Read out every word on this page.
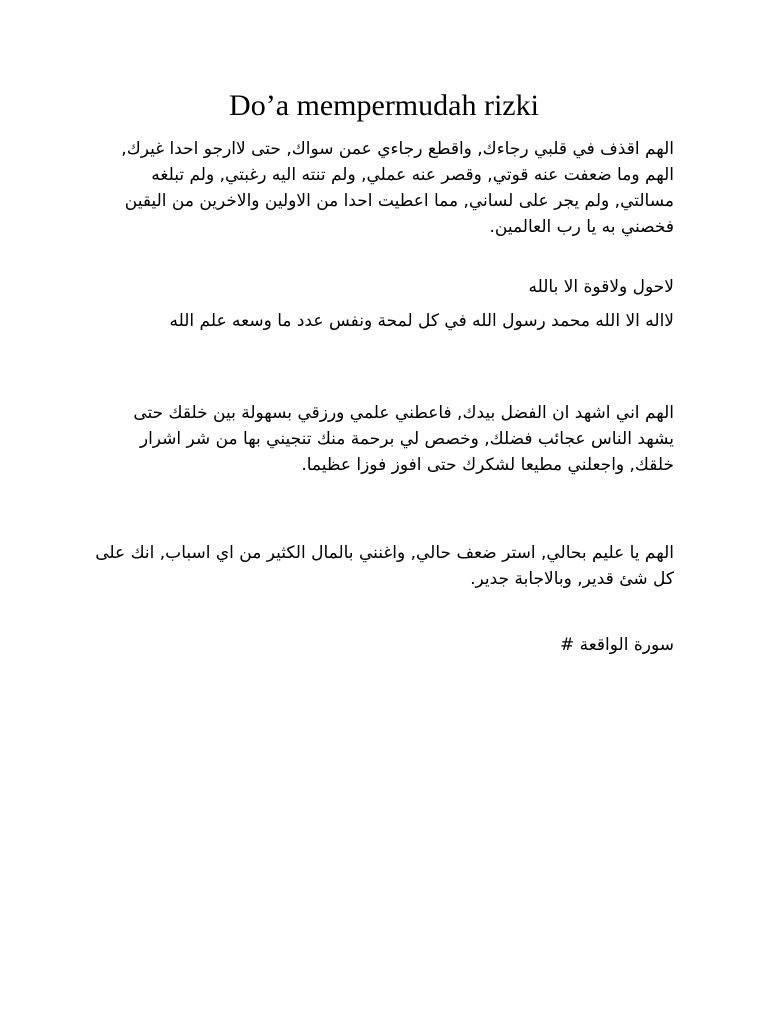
Do’a mempermudah rizki

الهم اقذف في قلبي رجاءك, واقطع رجاءي عمن سواك, حتى لاارجو احدا غيرك, الهم وما ضعفت عنه قوتي, وقصر عنه عملي, ولم تنته اليه رغبتي, ولم تبلغه مسالتي, ولم يجر على لساني, مما اعطيت احدا من الاولين والاخرين من اليقين فخصني به يا رب العالمين.

لاحول ولاقوة الا بالله

لااله الا الله محمد رسول الله في كل لمحة ونفس عدد ما وسعه علم الله

الهم اني اشهد ان الفضل بيدك, فاعطني علمي ورزقي بسهولة بين خلقك حتى يشهد الناس عجائب فضلك, وخصص لي برحمة منك تنجيني بها من شر اشرار خلقك, واجعلني مطيعا لشكرك حتى افوز فوزا عظيما.

الهم يا عليم بحالي, استر ضعف حالي, واغنني بالمال الكثير من اي اسباب, انك على كل شئ قدير, وبالاجابة جدير.

سورة الواقعة #
